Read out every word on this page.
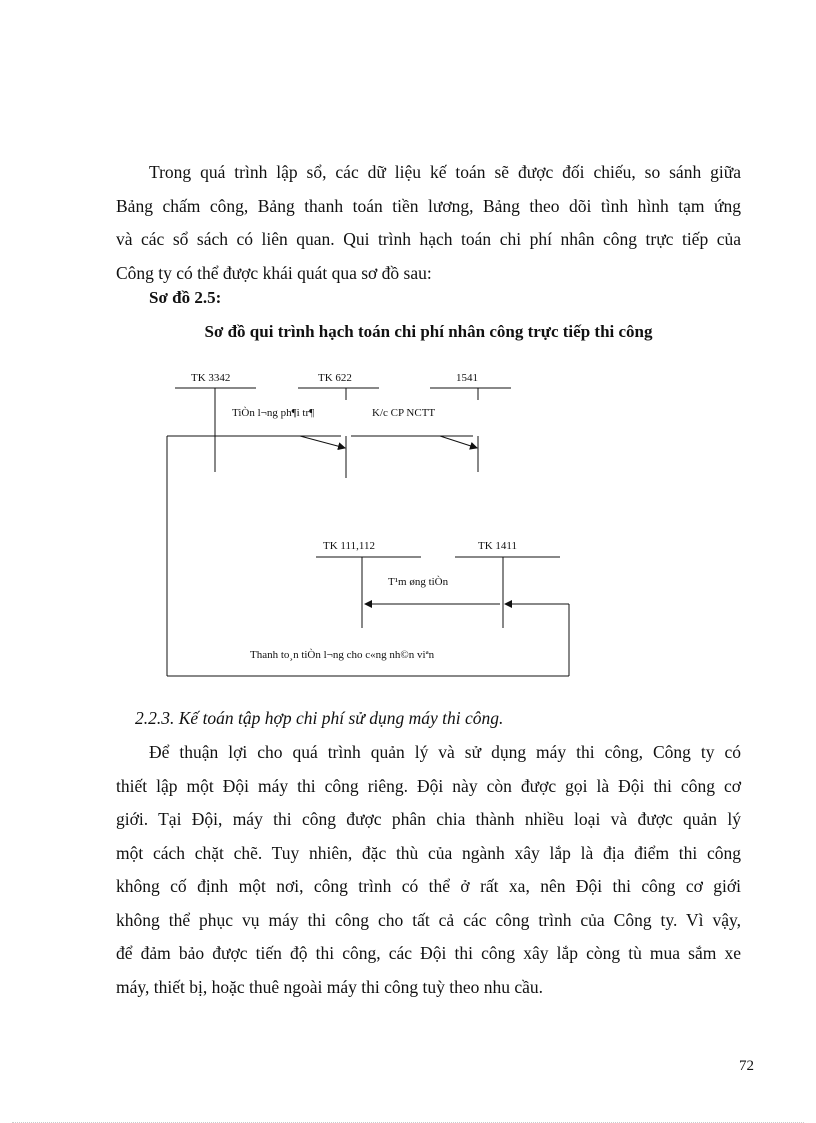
Trong quá trình lập sổ, các dữ liệu kế toán sẽ được đối chiếu, so sánh giữa
Bảng chấm công, Bảng thanh toán tiền lương, Bảng theo dõi tình hình tạm ứng
và các sổ sách có liên quan. Qui trình hạch toán chi phí nhân công trực tiếp của
Công ty có thể được khái quát qua sơ đồ sau:
Sơ đồ 2.5:
Sơ đồ qui trình hạch toán chi phí nhân công trực tiếp thi công
TK 3342	TK 622	1541
TiÒn l¬ng ph¶i tr¶	K/c CP NCTT
TK 111,112	TK 1411
T¹m øng tiÒn
Thanh to¸n tiÒn l¬ng cho c«ng nh©n viªn
2.2.3. Kế toán tập hợp chi phí sử dụng máy thi công.
Để thuận lợi cho quá trình quản lý và sử dụng máy thi công, Công ty có
thiết lập một Đội máy thi công riêng. Đội này còn được gọi là Đội thi công cơ
giới. Tại Đội, máy thi công được phân chia thành nhiều loại và được quản lý
một cách chặt chẽ. Tuy nhiên, đặc thù của ngành xây lắp là địa điểm thi công
không cố định một nơi, công trình có thể ở rất xa, nên Đội thi công cơ giới
không thể phục vụ máy thi công cho tất cả các công trình của Công ty. Vì vậy,
để đảm bảo được tiến độ thi công, các Đội thi công xây lắp còng tù mua sắm xe
máy, thiết bị, hoặc thuê ngoài máy thi công tuỳ theo nhu cầu.
72
